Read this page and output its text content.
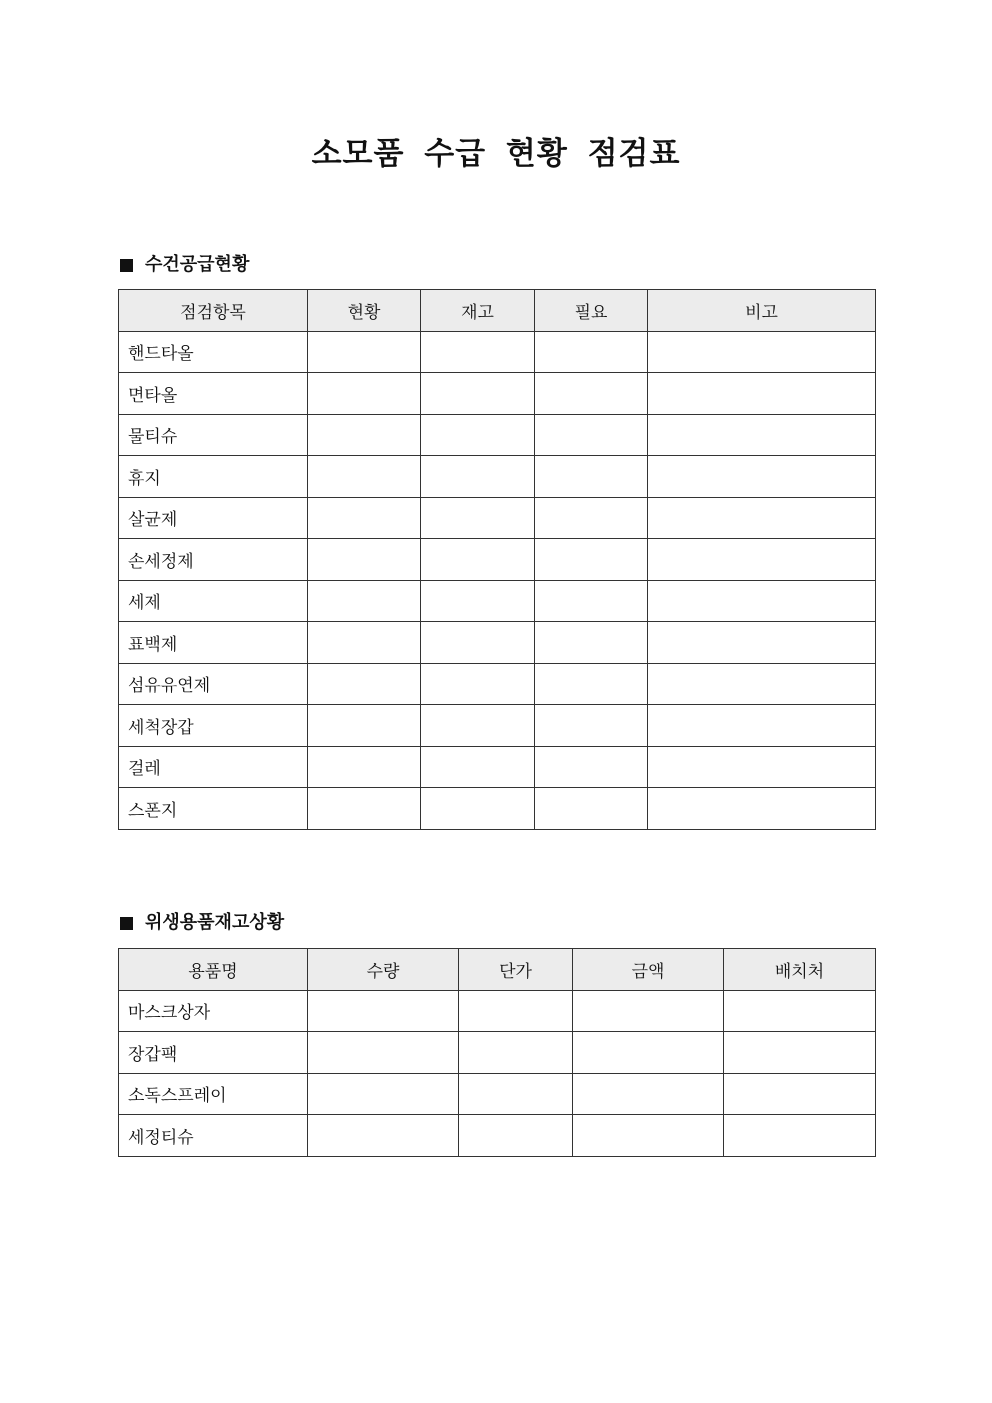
소모품 수급 현황 점검표
수건공급현황
점검항목	현황	재고	필요	비고
핸드타올				
면타올				
물티슈				
휴지				
살균제				
손세정제				
세제				
표백제				
섬유유연제				
세척장갑				
걸레				
스폰지				
위생용품재고상황
용품명	수량	단가	금액	배치처
마스크상자				
장갑팩				
소독스프레이				
세정티슈				
